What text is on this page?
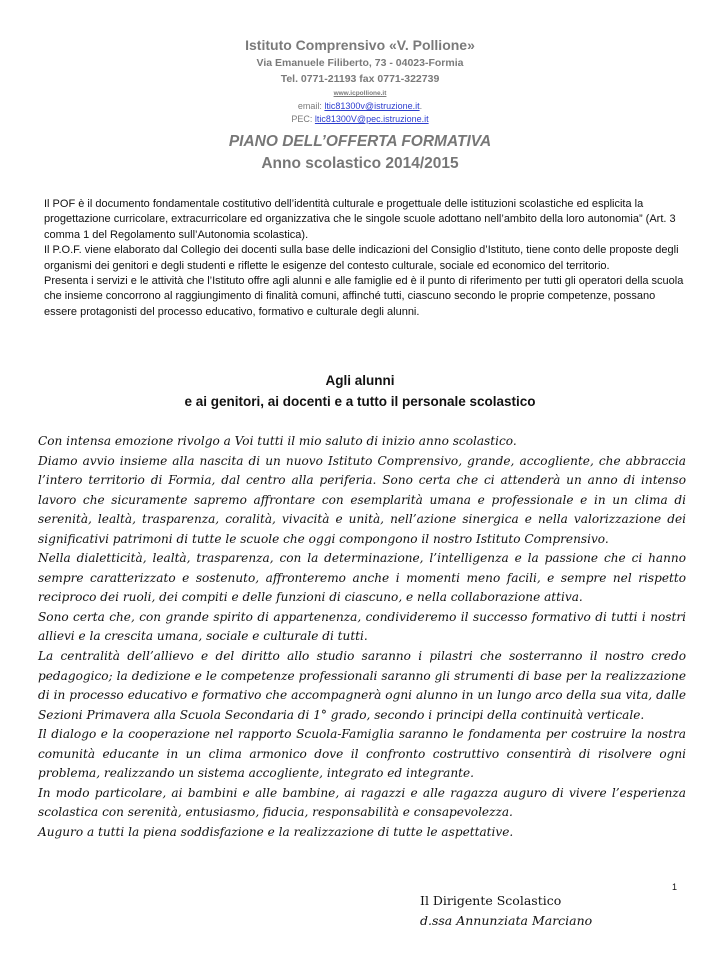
Istituto Comprensivo «V. Pollione»
Via Emanuele Filiberto, 73 - 04023-Formia
Tel. 0771-21193 fax 0771-322739
www.icpollione.it
email: ltic81300v@istruzione.it.
PEC: ltic81300V@pec.istruzione.it
PIANO DELL’OFFERTA FORMATIVA
Anno scolastico 2014/2015

Il POF è il documento fondamentale costitutivo dell’identità culturale e progettuale delle istituzioni scolastiche ed esplicita la progettazione curricolare, extracurricolare ed organizzativa che le singole scuole adottano nell’ambito della loro autonomia” (Art. 3 comma 1 del Regolamento sull’Autonomia scolastica).

Il P.O.F. viene elaborato dal Collegio dei docenti sulla base delle indicazioni del Consiglio d’Istituto, tiene conto delle proposte degli organismi dei genitori e degli studenti e riflette le esigenze del contesto culturale, sociale ed economico del territorio.

Presenta i servizi e le attività che l’Istituto offre agli alunni e alle famiglie ed è il punto di riferimento per tutti gli operatori della scuola che insieme concorrono al raggiungimento di finalità comuni, affinché tutti, ciascuno secondo le proprie competenze, possano essere protagonisti del processo educativo, formativo e culturale degli alunni.

Agli alunni
e ai genitori, ai docenti e a tutto il personale scolastico

Con intensa emozione rivolgo a Voi tutti il mio saluto di inizio anno scolastico.

Diamo avvio insieme alla nascita di un nuovo Istituto Comprensivo, grande, accogliente, che abbraccia l’intero territorio di Formia, dal centro alla periferia. Sono certa che ci attenderà un anno di intenso lavoro che sicuramente sapremo affrontare con esemplarità umana e professionale e in un clima di serenità, lealtà, trasparenza, coralità, vivacità e unità, nell’azione sinergica e nella valorizzazione dei significativi patrimoni di tutte le scuole che oggi compongono il nostro Istituto Comprensivo.

Nella dialetticità, lealtà, trasparenza, con la determinazione, l’intelligenza e la passione che ci hanno sempre caratterizzato e sostenuto, affronteremo anche i momenti meno facili, e sempre nel rispetto reciproco dei ruoli, dei compiti e delle funzioni di ciascuno, e nella collaborazione attiva.

Sono certa che, con grande spirito di appartenenza, condivideremo il successo formativo di tutti i nostri allievi e la crescita umana, sociale e culturale di tutti.

La centralità dell’allievo e del diritto allo studio saranno i pilastri che sosterranno il nostro credo pedagogico; la dedizione e le competenze professionali saranno gli strumenti di base per la realizzazione di in processo educativo e formativo che accompagnerà ogni alunno in un lungo arco della sua vita, dalle Sezioni Primavera alla Scuola Secondaria di 1° grado, secondo i principi della continuità verticale.

Il dialogo e la cooperazione nel rapporto Scuola-Famiglia saranno le fondamenta per costruire la nostra comunità educante in un clima armonico dove il confronto costruttivo consentirà di risolvere ogni problema, realizzando un sistema accogliente, integrato ed integrante.

In modo particolare, ai bambini e alle bambine, ai ragazzi e alle ragazza auguro di vivere l’esperienza scolastica con serenità, entusiasmo, fiducia, responsabilità e consapevolezza.

Auguro a tutti la piena soddisfazione e la realizzazione di tutte le aspettative.

1
Il Dirigente Scolastico
d.ssa Annunziata Marciano
